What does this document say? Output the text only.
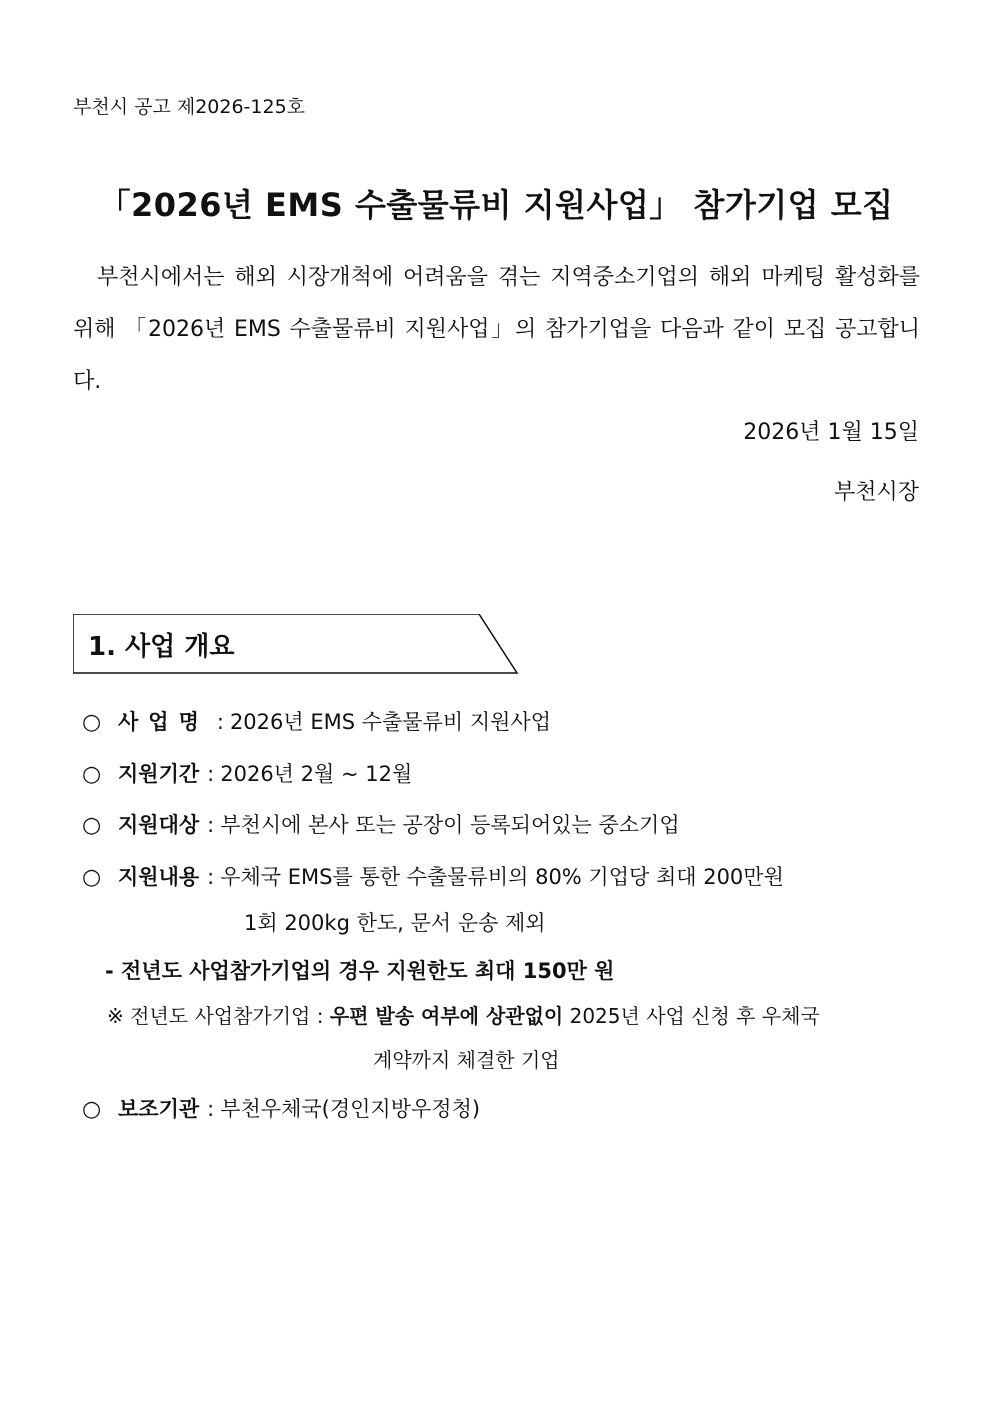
부천시 공고 제2026-125호
「2026년 EMS 수출물류비 지원사업」 참가기업 모집
부천시에서는 해외 시장개척에 어려움을 겪는 지역중소기업의 해외 마케팅 활성화를 위해 「2026년 EMS 수출물류비 지원사업」의 참가기업을 다음과 같이 모집 공고합니다.
2026년 1월 15일
부천시장
1. 사업 개요
○ 사업명 : 2026년 EMS 수출물류비 지원사업
○ 지원기간 : 2026년 2월 ~ 12월
○ 지원대상 : 부천시에 본사 또는 공장이 등록되어있는 중소기업
○ 지원내용 : 우체국 EMS를 통한 수출물류비의 80% 기업당 최대 200만원
1회 200kg 한도, 문서 운송 제외
- 전년도 사업참가기업의 경우 지원한도 최대 150만 원
※ 전년도 사업참가기업 : 우편 발송 여부에 상관없이 2025년 사업 신청 후 우체국
계약까지 체결한 기업
○ 보조기관 : 부천우체국(경인지방우정청)
